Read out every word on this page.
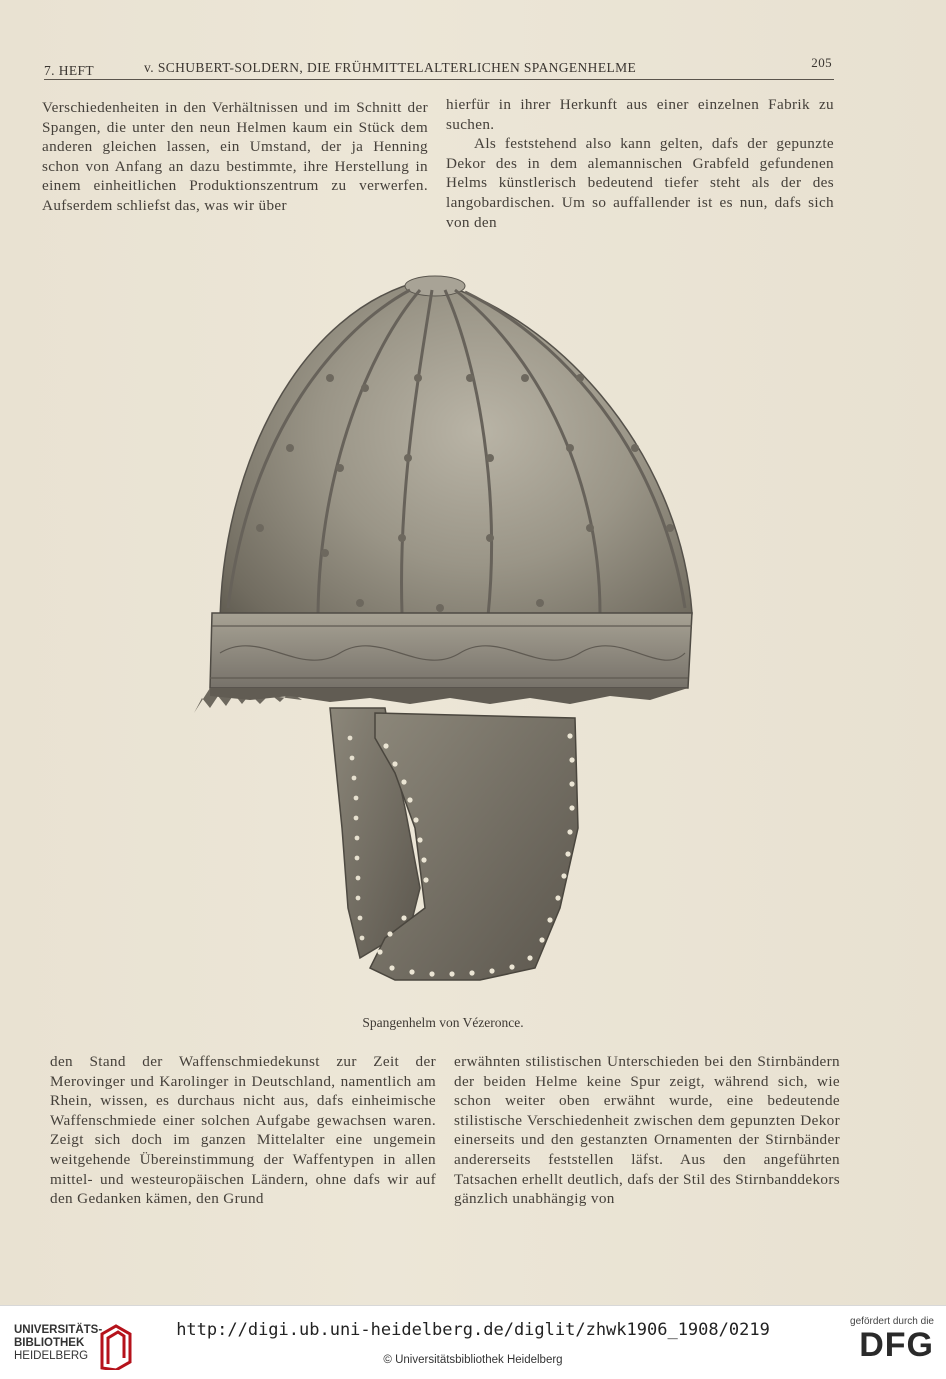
7. HEFT	v. SCHUBERT-SOLDERN, DIE FRÜHMITTELALTERLICHEN SPANGENHELME	205

Verschiedenheiten in den Verhältnissen und im Schnitt der Spangen, die unter den neun Helmen kaum ein Stück dem anderen gleichen lassen, ein Umstand, der ja Henning schon von Anfang an dazu bestimmte, ihre Herstellung in einem einheitlichen Produktionszentrum zu verwerfen. Aufserdem schliefst das, was wir über

hierfür in ihrer Herkunft aus einer einzelnen Fabrik zu suchen.

Als feststehend also kann gelten, dafs der gepunzte Dekor des in dem alemannischen Grabfeld gefundenen Helms künstlerisch bedeutend tiefer steht als der des langobardischen. Um so auffallender ist es nun, dafs sich von den

Spangenhelm von Vézeronce.

den Stand der Waffenschmiedekunst zur Zeit der Merovinger und Karolinger in Deutschland, namentlich am Rhein, wissen, es durchaus nicht aus, dafs einheimische Waffenschmiede einer solchen Aufgabe gewachsen waren. Zeigt sich doch im ganzen Mittelalter eine ungemein weitgehende Übereinstimmung der Waffentypen in allen mittel- und westeuropäischen Ländern, ohne dafs wir auf den Gedanken kämen, den Grund

erwähnten stilistischen Unterschieden bei den Stirnbändern der beiden Helme keine Spur zeigt, während sich, wie schon weiter oben erwähnt wurde, eine bedeutende stilistische Verschiedenheit zwischen dem gepunzten Dekor einerseits und den gestanzten Ornamenten der Stirnbänder andererseits feststellen läfst. Aus den angeführten Tatsachen erhellt deutlich, dafs der Stil des Stirnbanddekors gänzlich unabhängig von

UNIVERSITÄTS-
BIBLIOTHEK
HEIDELBERG
http://digi.ub.uni-heidelberg.de/diglit/zhwk1906_1908/0219
© Universitätsbibliothek Heidelberg
gefördert durch die
DFG
